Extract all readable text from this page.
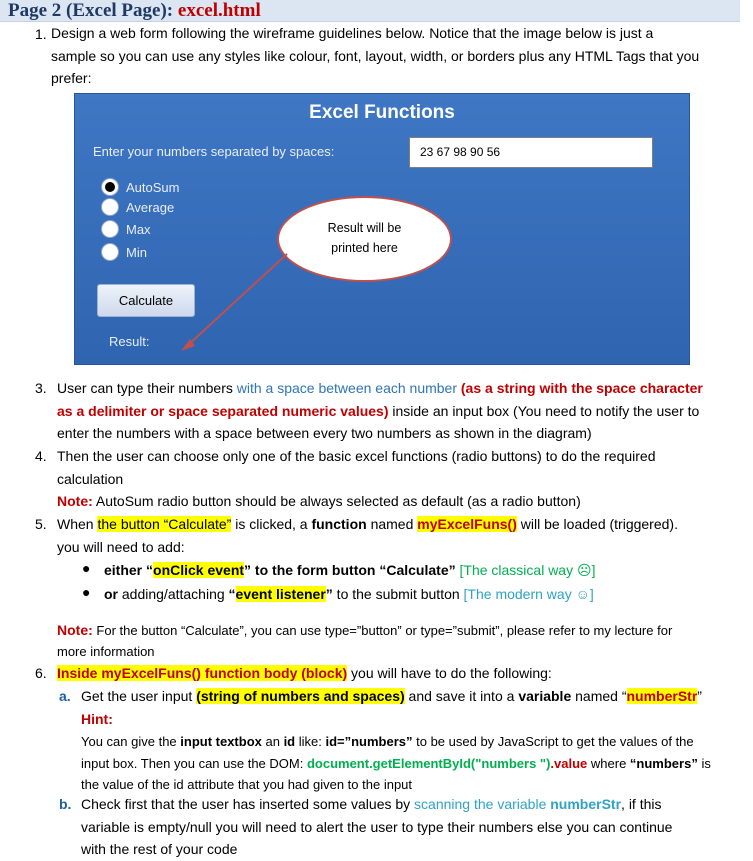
Page 2 (Excel Page): excel.html
1. Design a web form following the wireframe guidelines below. Notice that the image below is just a
sample so you can use any styles like colour, font, layout, width, or borders plus any HTML Tags that you
prefer:
Excel Functions
Enter your numbers separated by spaces:	23 67 98 90 56
AutoSum
Average
Max
Min
Result will be
printed here
Calculate
Result:
3. User can type their numbers with a space between each number (as a string with the space character
as a delimiter or space separated numeric values) inside an input box (You need to notify the user to
enter the numbers with a space between every two numbers as shown in the diagram)
4. Then the user can choose only one of the basic excel functions (radio buttons) to do the required
calculation
Note: AutoSum radio button should be always selected as default (as a radio button)
5. When the button “Calculate” is clicked, a function named myExcelFuns() will be loaded (triggered).
you will need to add:
● either “onClick event” to the form button “Calculate” [The classical way ☹]
● or adding/attaching “event listener” to the submit button [The modern way ☺]
Note: For the button “Calculate”, you can use type=”button” or type=”submit”, please refer to my lecture for
more information
6. Inside myExcelFuns() function body (block) you will have to do the following:
a. Get the user input (string of numbers and spaces) and save it into a variable named “numberStr”
Hint:
You can give the input textbox an id like: id=”numbers” to be used by JavaScript to get the values of the
input box. Then you can use the DOM: document.getElementById("numbers ").value where “numbers” is
the value of the id attribute that you had given to the input
b. Check first that the user has inserted some values by scanning the variable numberStr, if this
variable is empty/null you will need to alert the user to type their numbers else you can continue
with the rest of your code
